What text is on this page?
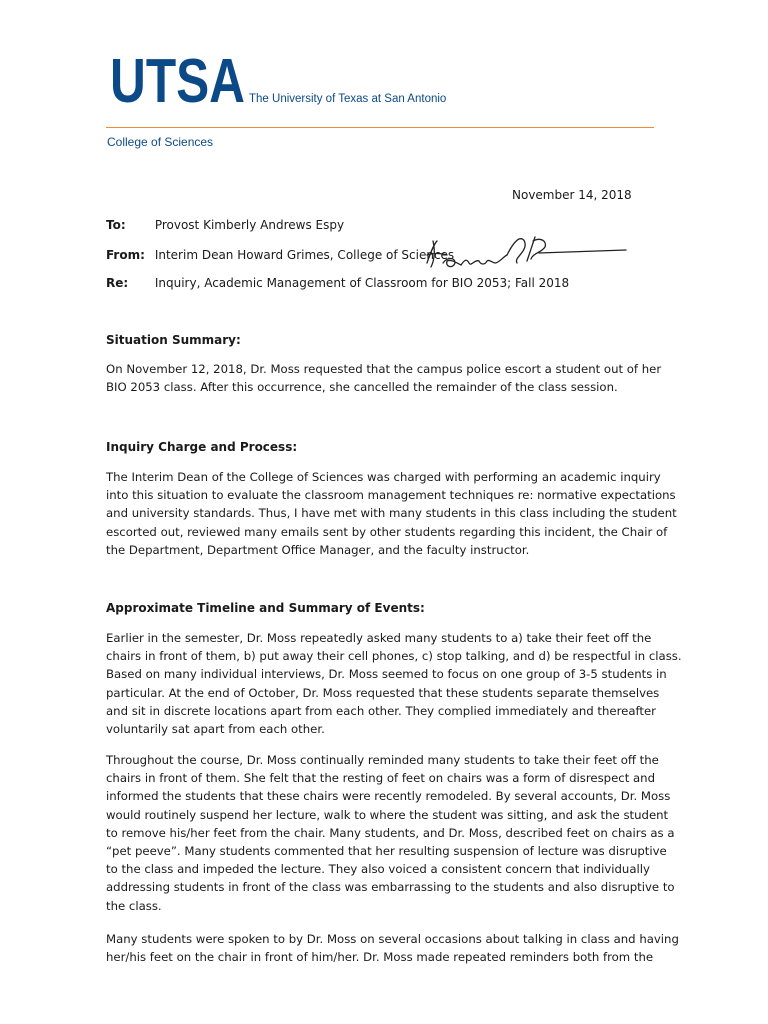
UTSA The University of Texas at San Antonio
College of Sciences
November 14, 2018
To: Provost Kimberly Andrews Espy
From: Interim Dean Howard Grimes, College of Sciences
Re: Inquiry, Academic Management of Classroom for BIO 2053; Fall 2018
Situation Summary:

On November 12, 2018, Dr. Moss requested that the campus police escort a student out of her
BIO 2053 class. After this occurrence, she cancelled the remainder of the class session.

Inquiry Charge and Process:

The Interim Dean of the College of Sciences was charged with performing an academic inquiry
into this situation to evaluate the classroom management techniques re: normative expectations
and university standards. Thus, I have met with many students in this class including the student
escorted out, reviewed many emails sent by other students regarding this incident, the Chair of
the Department, Department Office Manager, and the faculty instructor.

Approximate Timeline and Summary of Events:

Earlier in the semester, Dr. Moss repeatedly asked many students to a) take their feet off the
chairs in front of them, b) put away their cell phones, c) stop talking, and d) be respectful in class.
Based on many individual interviews, Dr. Moss seemed to focus on one group of 3-5 students in
particular. At the end of October, Dr. Moss requested that these students separate themselves
and sit in discrete locations apart from each other. They complied immediately and thereafter
voluntarily sat apart from each other.

Throughout the course, Dr. Moss continually reminded many students to take their feet off the
chairs in front of them. She felt that the resting of feet on chairs was a form of disrespect and
informed the students that these chairs were recently remodeled. By several accounts, Dr. Moss
would routinely suspend her lecture, walk to where the student was sitting, and ask the student
to remove his/her feet from the chair. Many students, and Dr. Moss, described feet on chairs as a
“pet peeve”. Many students commented that her resulting suspension of lecture was disruptive
to the class and impeded the lecture. They also voiced a consistent concern that individually
addressing students in front of the class was embarrassing to the students and also disruptive to
the class.

Many students were spoken to by Dr. Moss on several occasions about talking in class and having
her/his feet on the chair in front of him/her. Dr. Moss made repeated reminders both from the
